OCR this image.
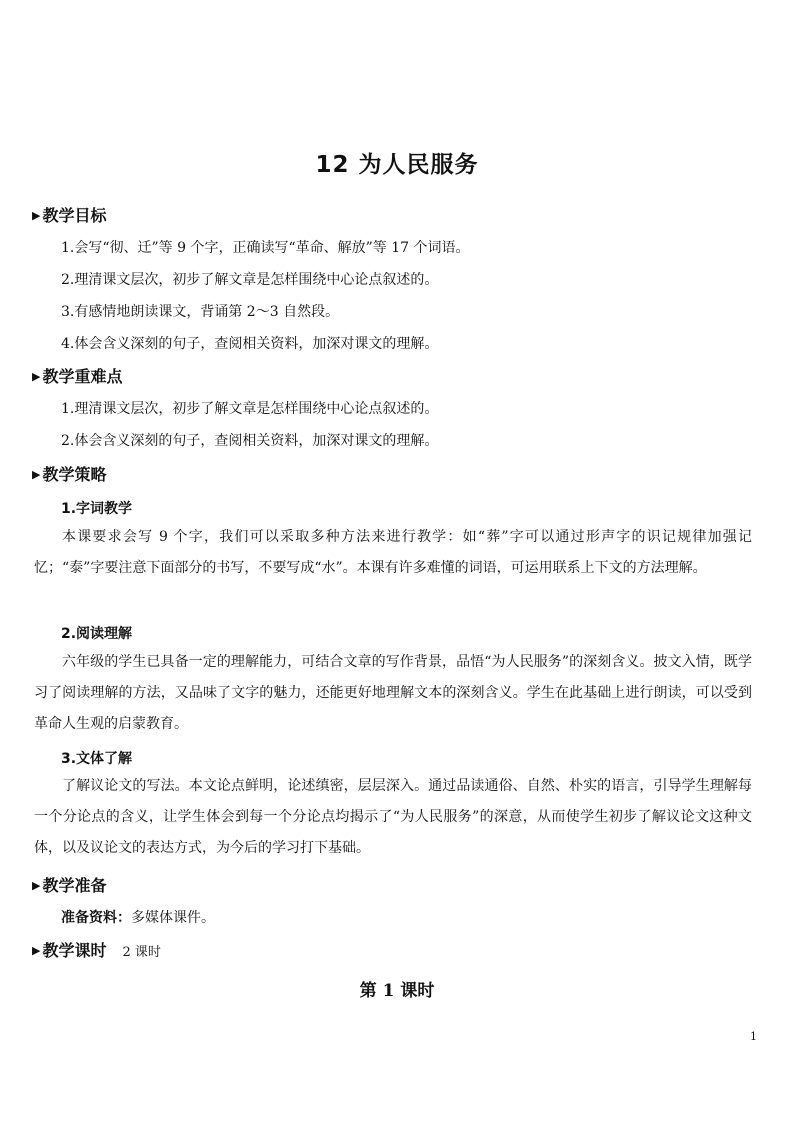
12 为人民服务
▶ 教学目标
1.会写“彻、迁”等 9 个字，正确读写“革命、解放”等 17 个词语。
2.理清课文层次，初步了解文章是怎样围绕中心论点叙述的。
3.有感情地朗读课文，背诵第 2～3 自然段。
4.体会含义深刻的句子，查阅相关资料，加深对课文的理解。
▶ 教学重难点
1.理清课文层次，初步了解文章是怎样围绕中心论点叙述的。
2.体会含义深刻的句子，查阅相关资料，加深对课文的理解。
▶ 教学策略
1.字词教学
本课要求会写 9 个字，我们可以采取多种方法来进行教学：如“葬”字可以通过形声字的识记规律加强记忆；“泰”字要注意下面部分的书写，不要写成“水”。本课有许多难懂的词语，可运用联系上下文的方法理解。
2.阅读理解
六年级的学生已具备一定的理解能力，可结合文章的写作背景，品悟“为人民服务”的深刻含义。披文入情，既学习了阅读理解的方法，又品味了文字的魅力，还能更好地理解文本的深刻含义。学生在此基础上进行朗读，可以受到革命人生观的启蒙教育。
3.文体了解
了解议论文的写法。本文论点鲜明，论述缜密，层层深入。通过品读通俗、自然、朴实的语言，引导学生理解每一个分论点的含义，让学生体会到每一个分论点均揭示了“为人民服务”的深意，从而使学生初步了解议论文这种文体，以及议论文的表达方式，为今后的学习打下基础。
▶ 教学准备
准备资料：多媒体课件。
▶ 教学课时 2 课时
第 1 课时
1
